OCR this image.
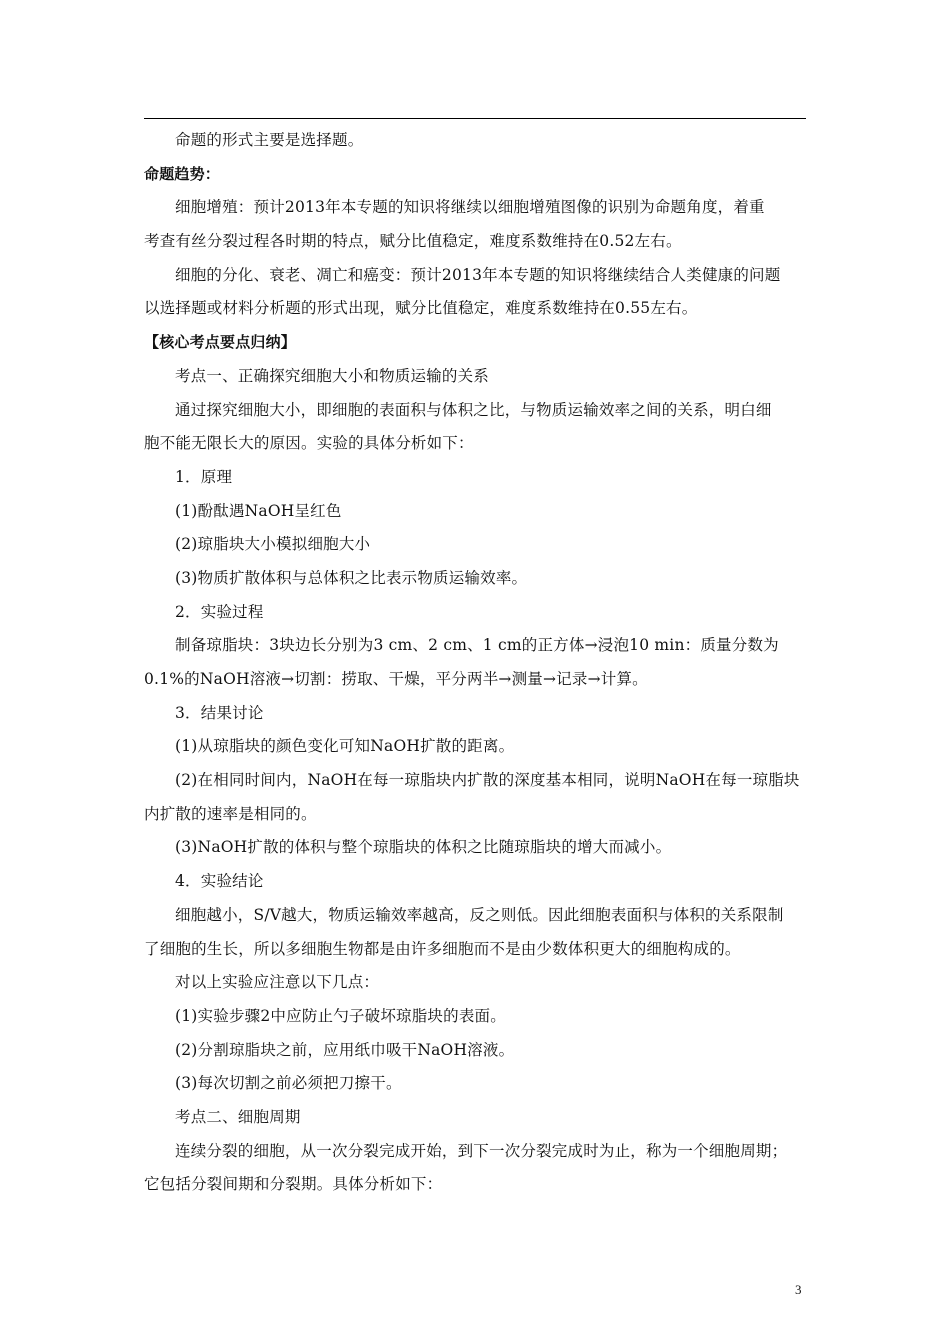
命题的形式主要是选择题。
命题趋势：
细胞增殖：预计2013年本专题的知识将继续以细胞增殖图像的识别为命题角度，着重
考查有丝分裂过程各时期的特点，赋分比值稳定，难度系数维持在0.52左右。
细胞的分化、衰老、凋亡和癌变：预计2013年本专题的知识将继续结合人类健康的问题
以选择题或材料分析题的形式出现，赋分比值稳定，难度系数维持在0.55左右。
【核心考点要点归纳】
考点一、正确探究细胞大小和物质运输的关系
通过探究细胞大小，即细胞的表面积与体积之比，与物质运输效率之间的关系，明白细
胞不能无限长大的原因。实验的具体分析如下：
1．原理
(1)酚酞遇NaOH呈红色
(2)琼脂块大小模拟细胞大小
(3)物质扩散体积与总体积之比表示物质运输效率。
2．实验过程
制备琼脂块：3块边长分别为3 cm、2 cm、1 cm的正方体→浸泡10 min：质量分数为
0.1%的NaOH溶液→切割：捞取、干燥，平分两半→测量→记录→计算。
3．结果讨论
(1)从琼脂块的颜色变化可知NaOH扩散的距离。
(2)在相同时间内，NaOH在每一琼脂块内扩散的深度基本相同，说明NaOH在每一琼脂块
内扩散的速率是相同的。
(3)NaOH扩散的体积与整个琼脂块的体积之比随琼脂块的增大而减小。
4．实验结论
细胞越小，S/V越大，物质运输效率越高，反之则低。因此细胞表面积与体积的关系限制
了细胞的生长，所以多细胞生物都是由许多细胞而不是由少数体积更大的细胞构成的。
对以上实验应注意以下几点：
(1)实验步骤2中应防止勺子破坏琼脂块的表面。
(2)分割琼脂块之前，应用纸巾吸干NaOH溶液。
(3)每次切割之前必须把刀擦干。
考点二、细胞周期
连续分裂的细胞，从一次分裂完成开始，到下一次分裂完成时为止，称为一个细胞周期；
它包括分裂间期和分裂期。具体分析如下：
3
